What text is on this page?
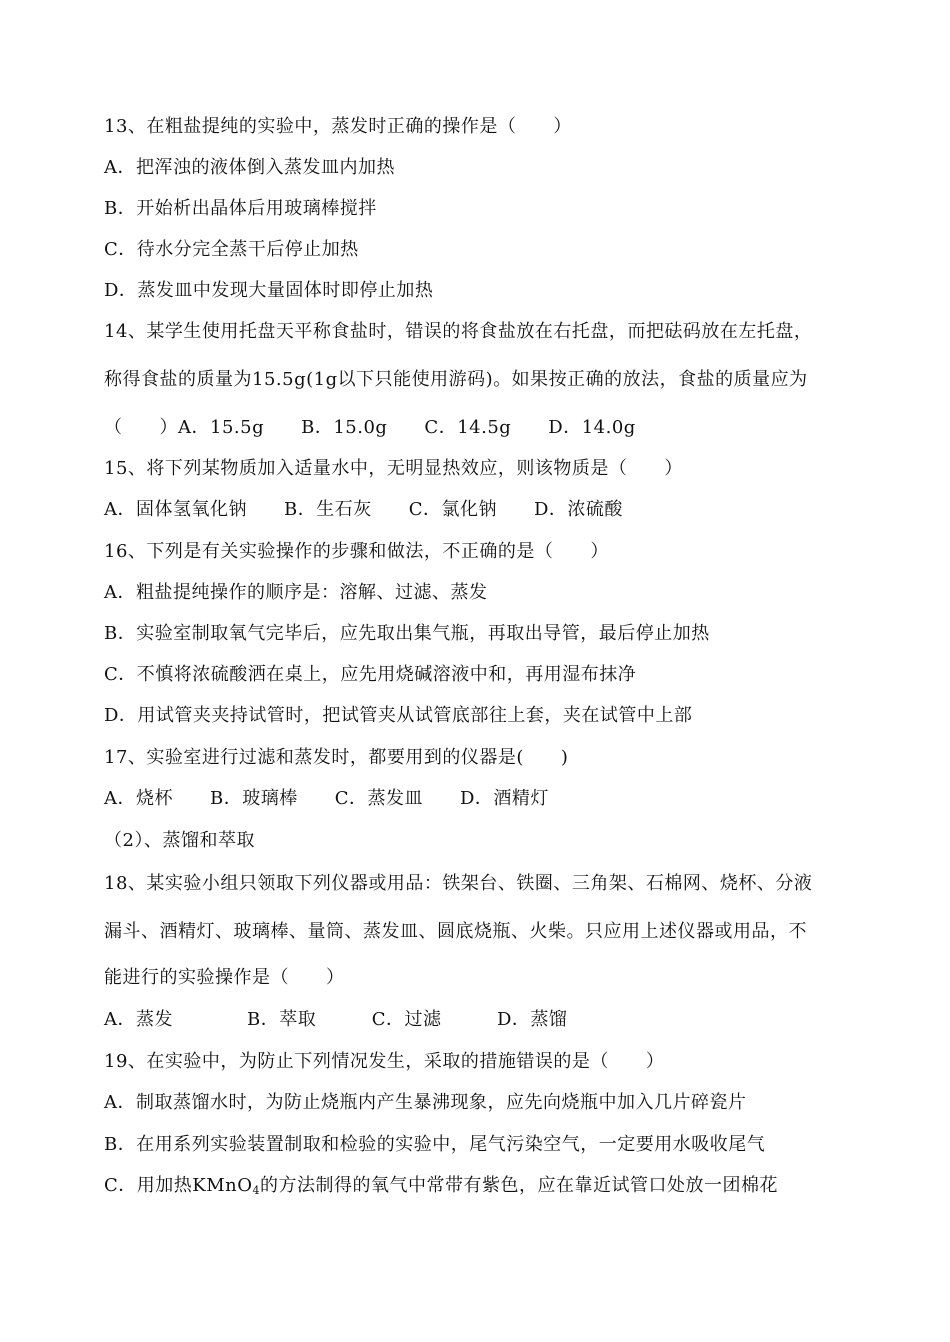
13、在粗盐提纯的实验中，蒸发时正确的操作是（　　）
A．把浑浊的液体倒入蒸发皿内加热
B．开始析出晶体后用玻璃棒搅拌
C．待水分完全蒸干后停止加热
D．蒸发皿中发现大量固体时即停止加热
14、某学生使用托盘天平称食盐时，错误的将食盐放在右托盘，而把砝码放在左托盘，
称得食盐的质量为15.5g(1g以下只能使用游码)。如果按正确的放法，食盐的质量应为
（　　）A．15.5g　　B．15.0g　　C．14.5g　　D．14.0g
15、将下列某物质加入适量水中，无明显热效应，则该物质是（　　）
A．固体氢氧化钠　　B．生石灰　　C．氯化钠　　D．浓硫酸
16、下列是有关实验操作的步骤和做法，不正确的是（　　）
A．粗盐提纯操作的顺序是：溶解、过滤、蒸发
B．实验室制取氧气完毕后，应先取出集气瓶，再取出导管，最后停止加热
C．不慎将浓硫酸洒在桌上，应先用烧碱溶液中和，再用湿布抹净
D．用试管夹夹持试管时，把试管夹从试管底部往上套，夹在试管中上部
17、实验室进行过滤和蒸发时，都要用到的仪器是(　　)
A．烧杯　　B．玻璃棒　　C．蒸发皿　　D．酒精灯
（2）、蒸馏和萃取
18、某实验小组只领取下列仪器或用品：铁架台、铁圈、三角架、石棉网、烧杯、分液
漏斗、酒精灯、玻璃棒、量筒、蒸发皿、圆底烧瓶、火柴。只应用上述仪器或用品，不
能进行的实验操作是（　　）
A．蒸发　　　　B．萃取　　　C．过滤　　　D．蒸馏
19、在实验中，为防止下列情况发生，采取的措施错误的是（　　）
A．制取蒸馏水时，为防止烧瓶内产生暴沸现象，应先向烧瓶中加入几片碎瓷片
B．在用系列实验装置制取和检验的实验中，尾气污染空气，一定要用水吸收尾气
C．用加热KMnO$_4$的方法制得的氧气中常带有紫色，应在靠近试管口处放一团棉花
